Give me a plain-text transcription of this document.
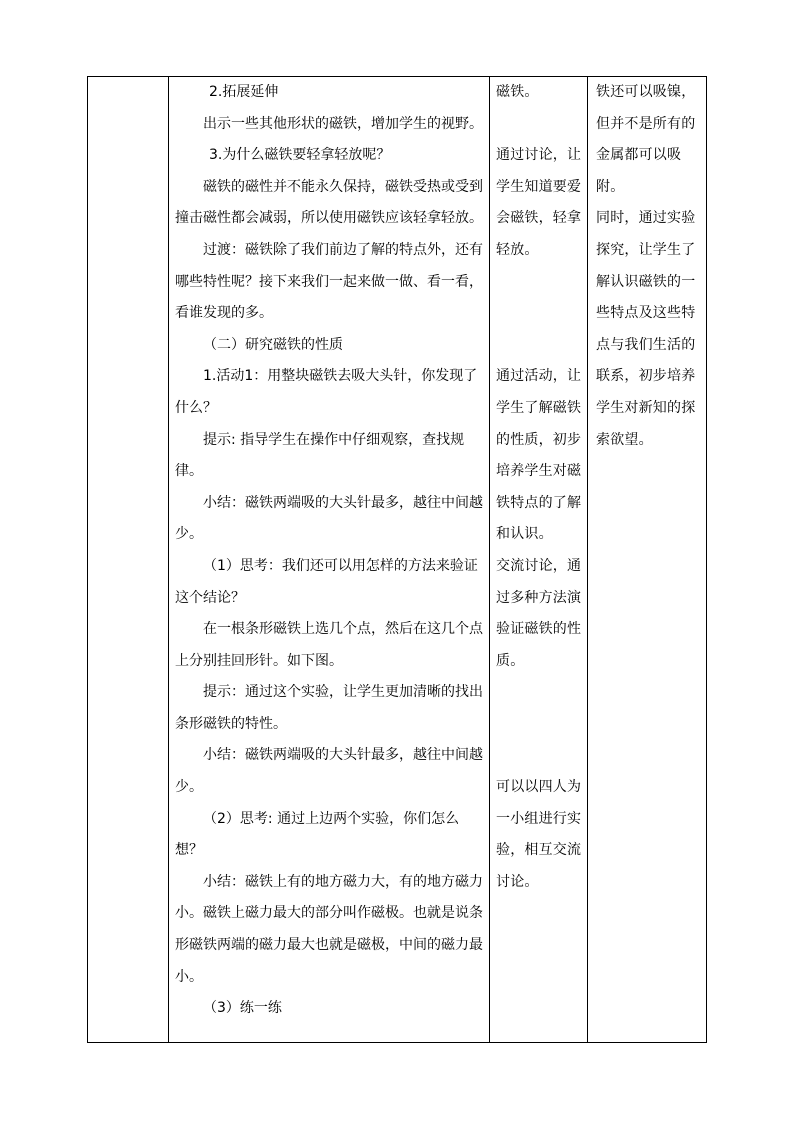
2.拓展延伸

出示一些其他形状的磁铁，增加学生的视野。

3.为什么磁铁要轻拿轻放呢？

磁铁的磁性并不能永久保持，磁铁受热或受到撞击磁性都会减弱，所以使用磁铁应该轻拿轻放。

过渡：磁铁除了我们前边了解的特点外，还有哪些特性呢？接下来我们一起来做一做、看一看，看谁发现的多。

（二）研究磁铁的性质

1.活动1：用整块磁铁去吸大头针，你发现了什么？

提示: 指导学生在操作中仔细观察，查找规律。

小结：磁铁两端吸的大头针最多，越往中间越少。

（1）思考：我们还可以用怎样的方法来验证这个结论？

在一根条形磁铁上选几个点，然后在这几个点上分别挂回形针。如下图。

提示：通过这个实验，让学生更加清晰的找出条形磁铁的特性。

小结：磁铁两端吸的大头针最多，越往中间越少。

（2）思考: 通过上边两个实验，你们怎么想？

小结：磁铁上有的地方磁力大，有的地方磁力小。磁铁上磁力最大的部分叫作磁极。也就是说条形磁铁两端的磁力最大也就是磁极，中间的磁力最小。

（3）练一练

磁铁。

通过讨论，让

学生知道要爱

会磁铁，轻拿

轻放。

通过活动，让

学生了解磁铁

的性质，初步

培养学生对磁

铁特点的了解

和认识。

交流讨论，通

过多种方法演

验证磁铁的性

质。

可以以四人为

一小组进行实

验，相互交流

讨论。

铁还可以吸镍，

但并不是所有的

金属都可以吸附。

同时，通过实验

探究，让学生了

解认识磁铁的一

些特点及这些特

点与我们生活的

联系，初步培养

学生对新知的探

索欲望。
